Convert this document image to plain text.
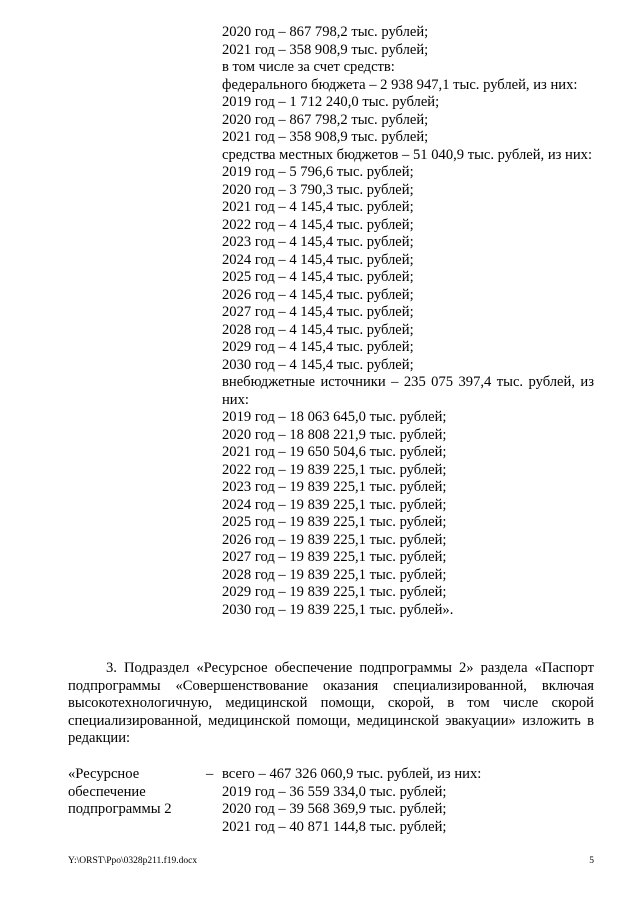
2020 год – 867 798,2 тыс. рублей;
2021 год – 358 908,9 тыс. рублей;
в том числе за счет средств:
федерального бюджета – 2 938 947,1 тыс. рублей, из них:
2019 год – 1 712 240,0 тыс. рублей;
2020 год – 867 798,2 тыс. рублей;
2021 год – 358 908,9 тыс. рублей;
средства местных бюджетов – 51 040,9 тыс. рублей, из них:
2019 год – 5 796,6 тыс. рублей;
2020 год – 3 790,3 тыс. рублей;
2021 год – 4 145,4 тыс. рублей;
2022 год – 4 145,4 тыс. рублей;
2023 год – 4 145,4 тыс. рублей;
2024 год – 4 145,4 тыс. рублей;
2025 год – 4 145,4 тыс. рублей;
2026 год – 4 145,4 тыс. рублей;
2027 год – 4 145,4 тыс. рублей;
2028 год – 4 145,4 тыс. рублей;
2029 год – 4 145,4 тыс. рублей;
2030 год – 4 145,4 тыс. рублей;
внебюджетные источники – 235 075 397,4 тыс. рублей, из них:
2019 год – 18 063 645,0 тыс. рублей;
2020 год – 18 808 221,9 тыс. рублей;
2021 год – 19 650 504,6 тыс. рублей;
2022 год – 19 839 225,1 тыс. рублей;
2023 год – 19 839 225,1 тыс. рублей;
2024 год – 19 839 225,1 тыс. рублей;
2025 год – 19 839 225,1 тыс. рублей;
2026 год – 19 839 225,1 тыс. рублей;
2027 год – 19 839 225,1 тыс. рублей;
2028 год – 19 839 225,1 тыс. рублей;
2029 год – 19 839 225,1 тыс. рублей;
2030 год – 19 839 225,1 тыс. рублей».
3. Подраздел «Ресурсное обеспечение подпрограммы 2» раздела «Паспорт подпрограммы «Совершенствование оказания специализированной, включая высокотехнологичную, медицинской помощи, скорой, в том числе скорой специализированной, медицинской помощи, медицинской эвакуации» изложить в редакции:
«Ресурсное
обеспечение
подпрограммы 2
– всего – 467 326 060,9 тыс. рублей, из них:
2019 год – 36 559 334,0 тыс. рублей;
2020 год – 39 568 369,9 тыс. рублей;
2021 год – 40 871 144,8 тыс. рублей;
Y:\ORST\Ppo\0328p211.f19.docx	5
